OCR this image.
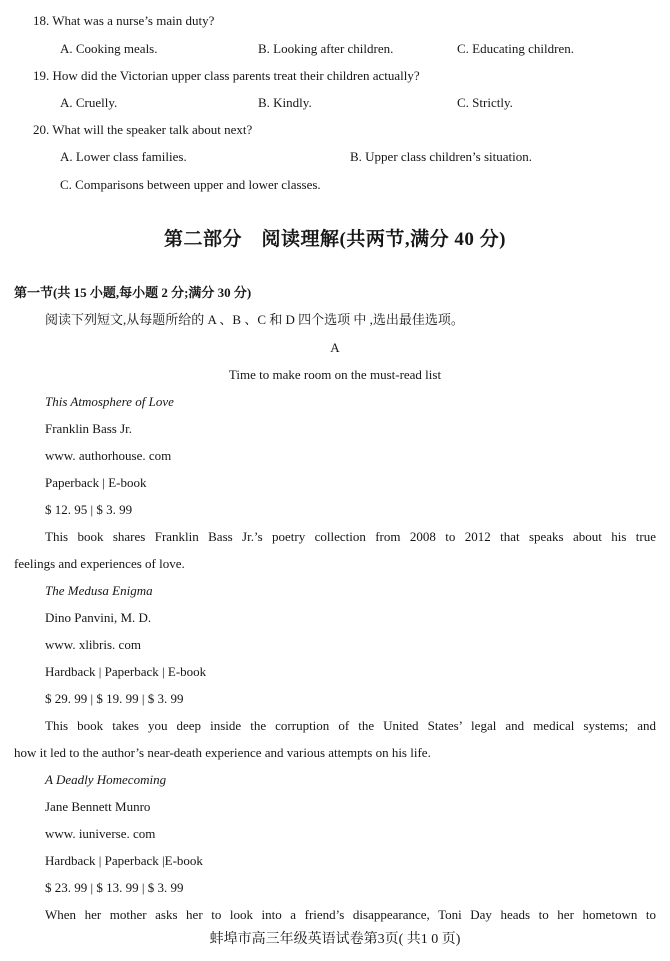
18. What was a nurse’s main duty?
A. Cooking meals.	B. Looking after children.	C. Educating children.
19. How did the Victorian upper class parents treat their children actually?
A. Cruelly.	B. Kindly.	C. Strictly.
20. What will the speaker talk about next?
A. Lower class families.	B. Upper class children’s situation.
C. Comparisons between upper and lower classes.
第二部分　阅读理解(共两节,满分 40 分)
第一节(共 15 小题,每小题 2 分;满分 30 分)
阅读下列短文,从每题所给的 A 、B 、C 和 D 四个选项 中 ,选出最佳选项。
A
Time to make room on the must-read list
This Atmosphere of Love
Franklin Bass Jr.
www. authorhouse. com
Paperback | E-book
$ 12. 95 | $ 3. 99
This book shares Franklin Bass Jr.’s poetry collection from 2008 to 2012 that speaks about his true
feelings and experiences of love.
The Medusa Enigma
Dino Panvini, M. D.
www. xlibris. com
Hardback | Paperback | E-book
$ 29. 99 | $ 19. 99 | $ 3. 99
This book takes you deep inside the corruption of the United States’ legal and medical systems; and
how it led to the author’s near-death experience and various attempts on his life.
A Deadly Homecoming
Jane Bennett Munro
www. iuniverse. com
Hardback | Paperback |E-book
$ 23. 99 | $ 13. 99 | $ 3. 99
When her mother asks her to look into a friend’s disappearance, Toni Day heads to her hometown to
蚌埠市高三年级英语试卷第3页( 共1 0 页)
